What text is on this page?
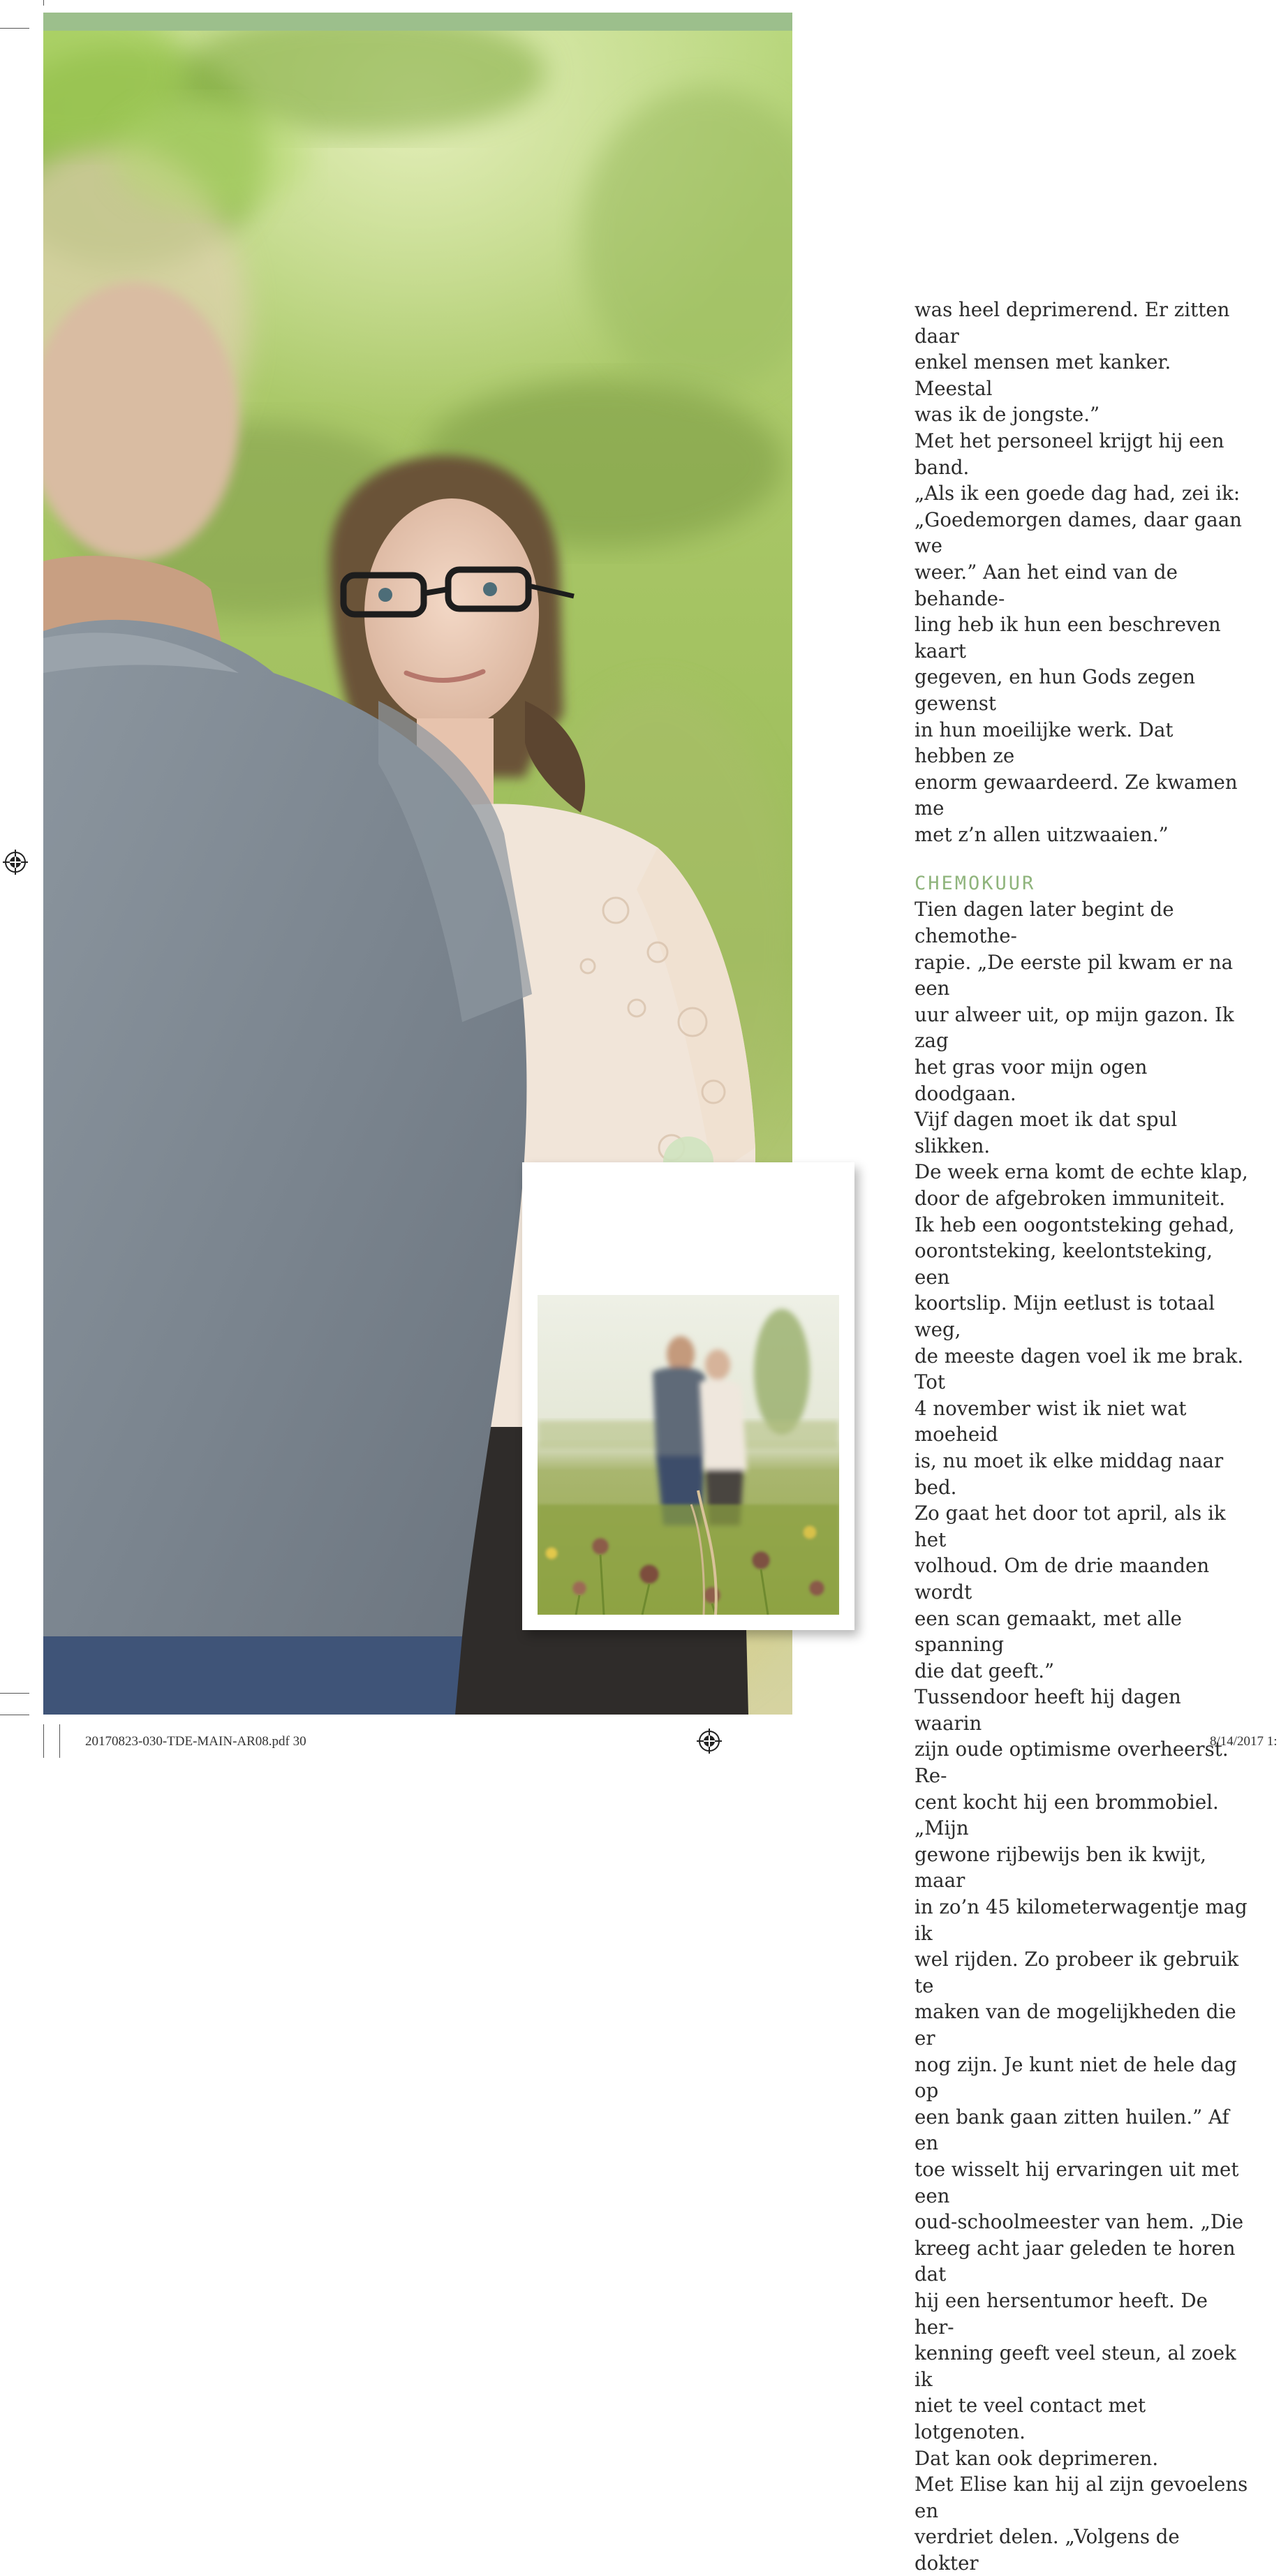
was heel deprimerend. Er zitten daar
enkel mensen met kanker. Meestal
was ik de jongste.”

Met het personeel krijgt hij een band.
„Als ik een goede dag had, zei ik:
„Goedemorgen dames, daar gaan we
weer.” Aan het eind van de behande-
ling heb ik hun een beschreven kaart
gegeven, en hun Gods zegen gewenst
in hun moeilijke werk. Dat hebben ze
enorm gewaardeerd. Ze kwamen me
met z’n allen uitzwaaien.”

CHEMOKUUR

Tien dagen later begint de chemothe-
rapie. „De eerste pil kwam er na een
uur alweer uit, op mijn gazon. Ik zag
het gras voor mijn ogen doodgaan.
Vijf dagen moet ik dat spul slikken.
De week erna komt de echte klap,
door de afgebroken immuniteit.

Ik heb een oogontsteking gehad,
oorontsteking, keelontsteking, een
koortslip. Mijn eetlust is totaal weg,
de meeste dagen voel ik me brak. Tot
4 november wist ik niet wat moeheid
is, nu moet ik elke middag naar bed.
Zo gaat het door tot april, als ik het
volhoud. Om de drie maanden wordt
een scan gemaakt, met alle spanning
die dat geeft.”

Tussendoor heeft hij dagen waarin
zijn oude optimisme overheerst. Re-
cent kocht hij een brommobiel. „Mijn
gewone rijbewijs ben ik kwijt, maar
in zo’n 45 kilometerwagentje mag ik
wel rijden. Zo probeer ik gebruik te
maken van de mogelijkheden die er
nog zijn. Je kunt niet de hele dag op
een bank gaan zitten huilen.” Af en
toe wisselt hij ervaringen uit met een
oud-schoolmeester van hem. „Die
kreeg acht jaar geleden te horen dat
hij een hersentumor heeft. De her-
kenning geeft veel steun, al zoek ik
niet te veel contact met lotgenoten.
Dat kan ook deprimeren.

Met Elise kan hij al zijn gevoelens en
verdriet delen. „Volgens de dokter

20170823-030-TDE-MAIN-AR08.pdf 30	8/14/2017 1:
